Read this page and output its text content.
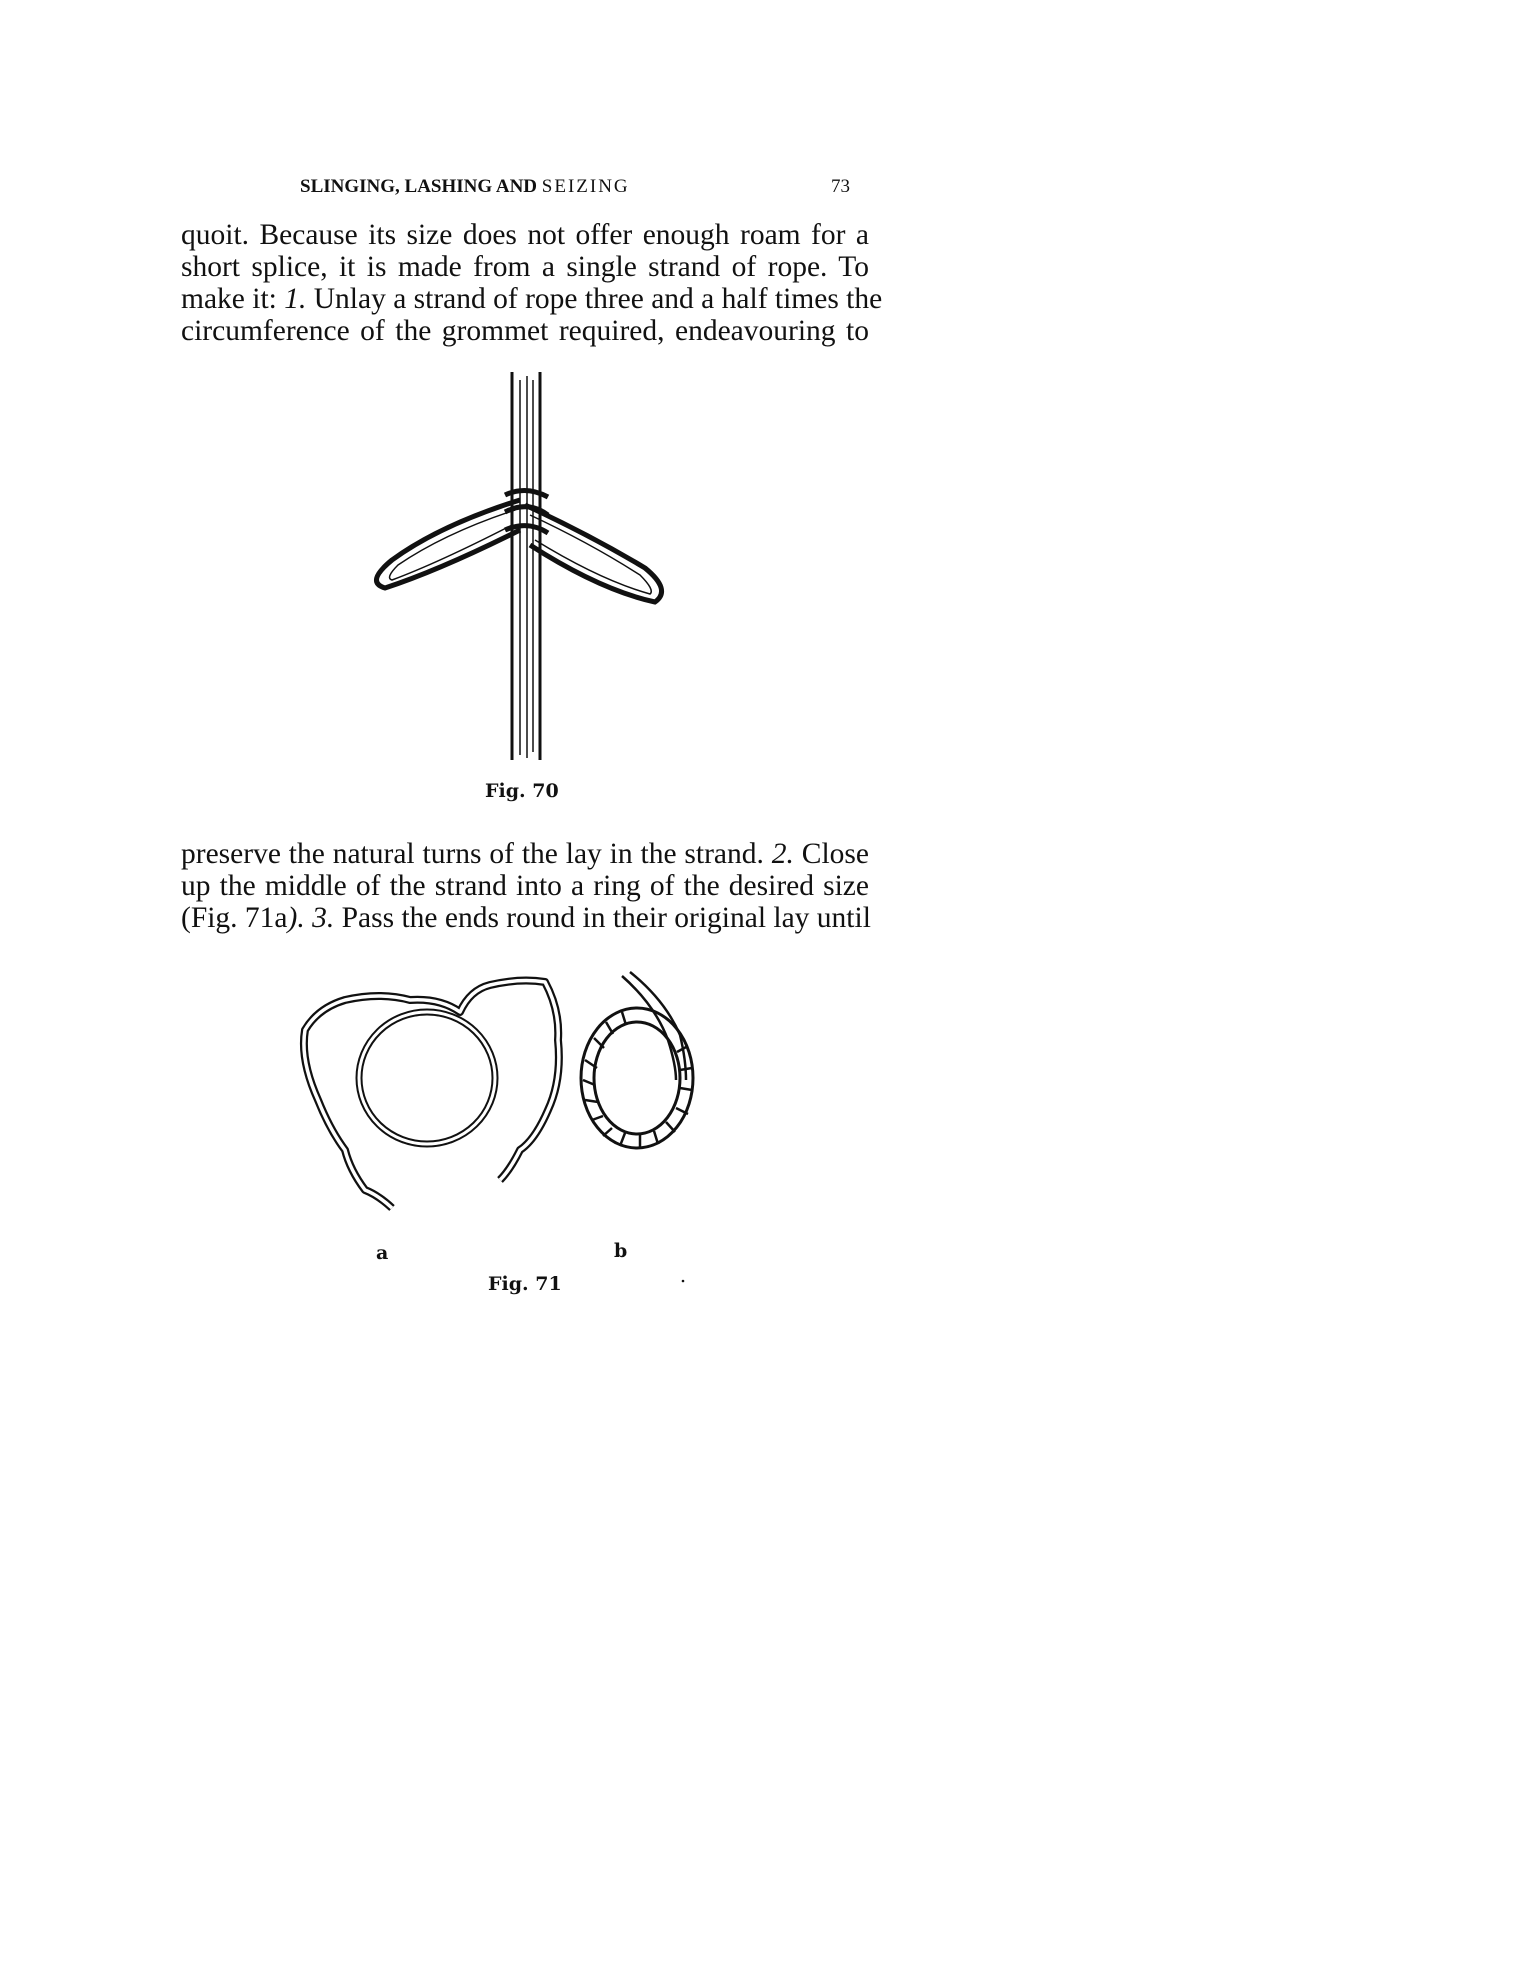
SLINGING, LASHING AND SEIZING	73
quoit. Because its size does not offer enough roam for a
short splice, it is made from a single strand of rope. To
make it: 1. Unlay a strand of rope three and a half times the
circumference of the grommet required, endeavouring to
Fig. 70
preserve the natural turns of the lay in the strand. 2. Close
up the middle of the strand into a ring of the desired size
(Fig. 71a). 3. Pass the ends round in their original lay until
a	b
Fig. 71
